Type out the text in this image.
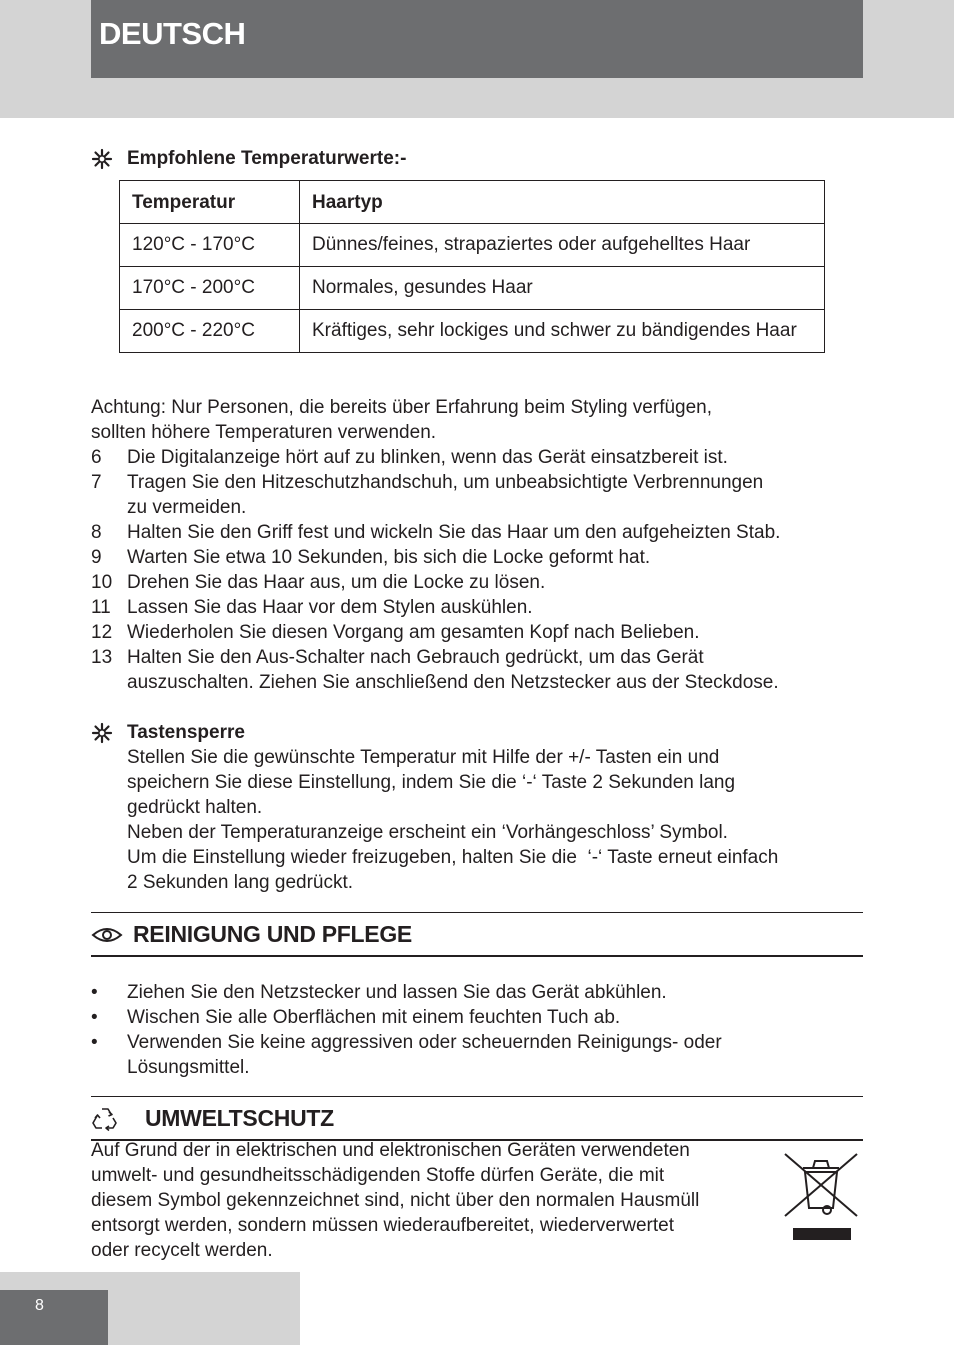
DEUTSCH
Empfohlene Temperaturwerte:-
Temperatur	Haartyp
120°C - 170°C	Dünnes/feines, strapaziertes oder aufgehelltes Haar
170°C - 200°C	Normales, gesundes Haar
200°C - 220°C	Kräftiges, sehr lockiges und schwer zu bändigendes Haar
Achtung: Nur Personen, die bereits über Erfahrung beim Styling verfügen,
sollten höhere Temperaturen verwenden.
6 Die Digitalanzeige hört auf zu blinken, wenn das Gerät einsatzbereit ist.
7 Tragen Sie den Hitzeschutzhandschuh, um unbeabsichtigte Verbrennungen
zu vermeiden.
8 Halten Sie den Griff fest und wickeln Sie das Haar um den aufgeheizten Stab.
9 Warten Sie etwa 10 Sekunden, bis sich die Locke geformt hat.
10 Drehen Sie das Haar aus, um die Locke zu lösen.
11 Lassen Sie das Haar vor dem Stylen auskühlen.
12 Wiederholen Sie diesen Vorgang am gesamten Kopf nach Belieben.
13 Halten Sie den Aus-Schalter nach Gebrauch gedrückt, um das Gerät
auszuschalten. Ziehen Sie anschließend den Netzstecker aus der Steckdose.
Tastensperre
Stellen Sie die gewünschte Temperatur mit Hilfe der +/- Tasten ein und
speichern Sie diese Einstellung, indem Sie die ‘-‘ Taste 2 Sekunden lang
gedrückt halten.
Neben der Temperaturanzeige erscheint ein ‘Vorhängeschloss’ Symbol.
Um die Einstellung wieder freizugeben, halten Sie die  ‘-‘ Taste erneut einfach
2 Sekunden lang gedrückt.
REINIGUNG UND PFLEGE
• Ziehen Sie den Netzstecker und lassen Sie das Gerät abkühlen.
• Wischen Sie alle Oberflächen mit einem feuchten Tuch ab.
• Verwenden Sie keine aggressiven oder scheuernden Reinigungs- oder
Lösungsmittel.
UMWELTSCHUTZ
Auf Grund der in elektrischen und elektronischen Geräten verwendeten
umwelt- und gesundheitsschädigenden Stoffe dürfen Geräte, die mit
diesem Symbol gekennzeichnet sind, nicht über den normalen Hausmüll
entsorgt werden, sondern müssen wiederaufbereitet, wiederverwertet
oder recycelt werden.
8
